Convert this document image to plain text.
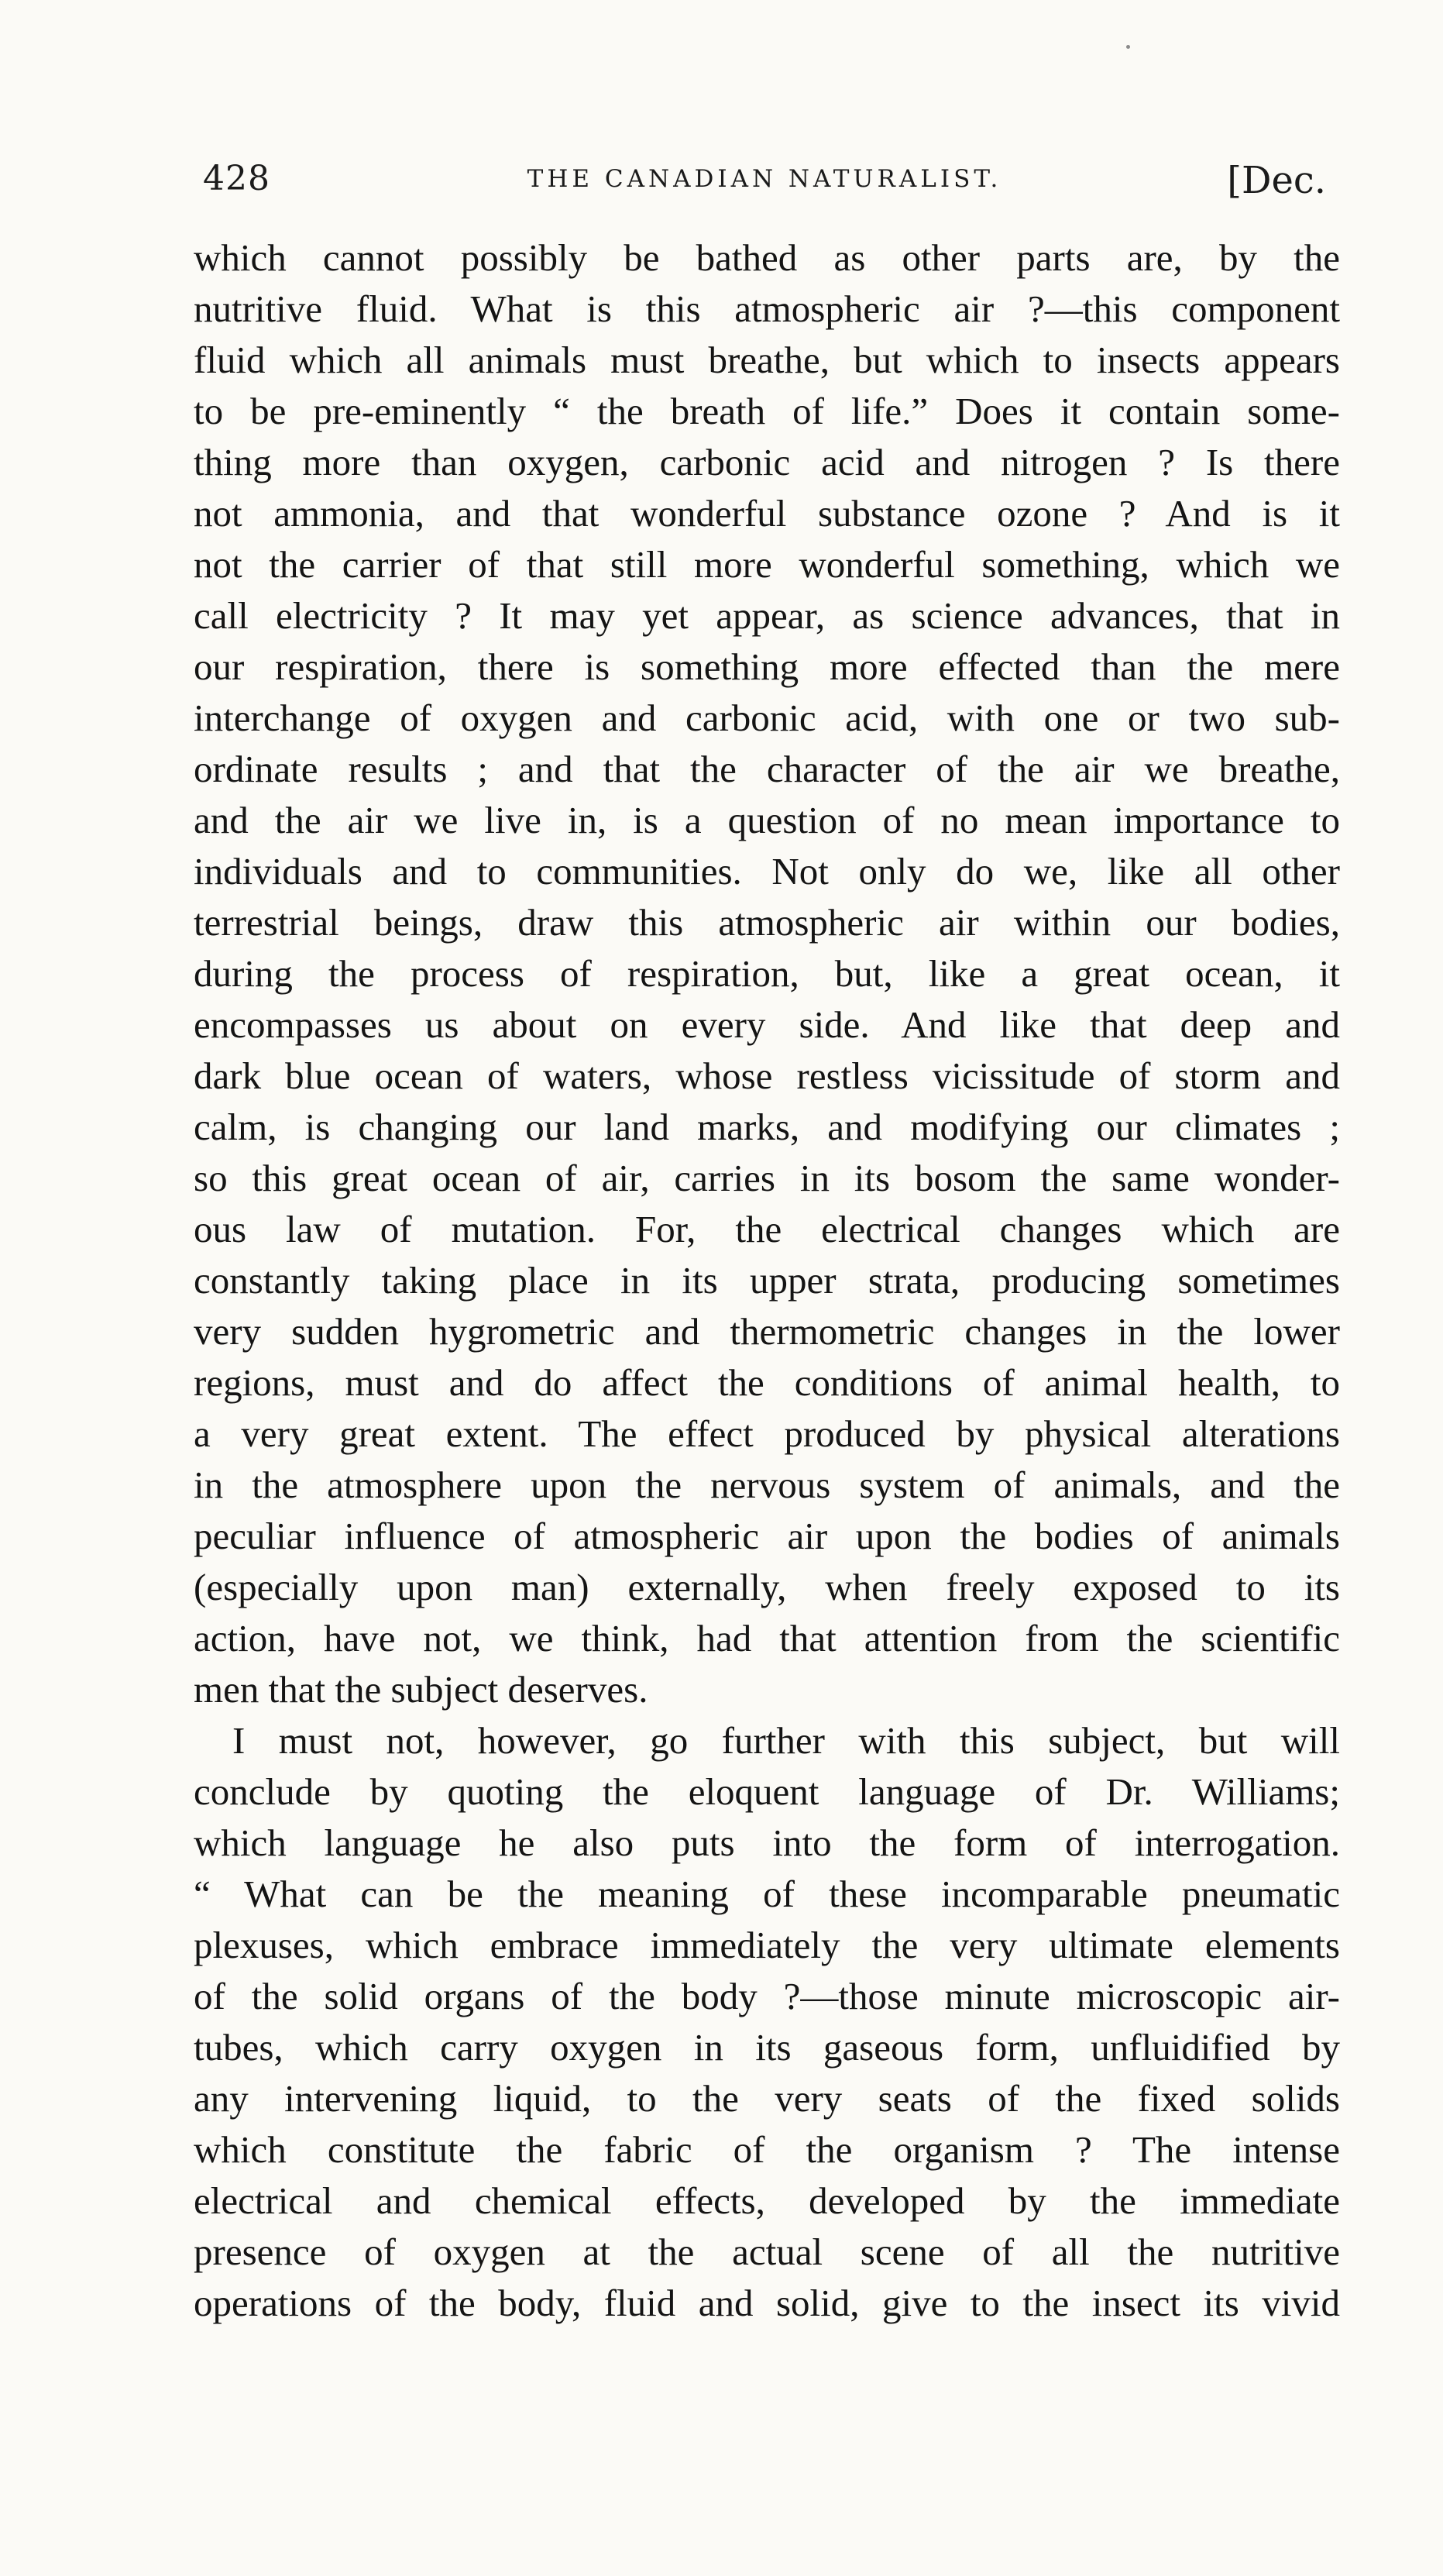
428	THE CANADIAN NATURALIST.	[Dec.

which cannot possibly be bathed as other parts are, by the

nutritive fluid. What is this atmospheric air ?—this component

fluid which all animals must breathe, but which to insects appears

to be pre-eminently “ the breath of life.” Does it contain some-

thing more than oxygen, carbonic acid and nitrogen ? Is there

not ammonia, and that wonderful substance ozone ? And is it

not the carrier of that still more wonderful something, which we

call electricity ? It may yet appear, as science advances, that in

our respiration, there is something more effected than the mere

interchange of oxygen and carbonic acid, with one or two sub-

ordinate results ; and that the character of the air we breathe,

and the air we live in, is a question of no mean importance to

individuals and to communities. Not only do we, like all other

terrestrial beings, draw this atmospheric air within our bodies,

during the process of respiration, but, like a great ocean, it

encompasses us about on every side. And like that deep and

dark blue ocean of waters, whose restless vicissitude of storm and

calm, is changing our land marks, and modifying our climates ;

so this great ocean of air, carries in its bosom the same wonder-

ous law of mutation. For, the electrical changes which are

constantly taking place in its upper strata, producing sometimes

very sudden hygrometric and thermometric changes in the lower

regions, must and do affect the conditions of animal health, to

a very great extent. The effect produced by physical alterations

in the atmosphere upon the nervous system of animals, and the

peculiar influence of atmospheric air upon the bodies of animals

(especially upon man) externally, when freely exposed to its

action, have not, we think, had that attention from the scientific

men that the subject deserves.

I must not, however, go further with this subject, but will

conclude by quoting the eloquent language of Dr. Williams;

which language he also puts into the form of interrogation.

“ What can be the meaning of these incomparable pneumatic

plexuses, which embrace immediately the very ultimate elements

of the solid organs of the body ?—those minute microscopic air-

tubes, which carry oxygen in its gaseous form, unfluidified by

any intervening liquid, to the very seats of the fixed solids

which constitute the fabric of the organism ? The intense

electrical and chemical effects, developed by the immediate

presence of oxygen at the actual scene of all the nutritive

operations of the body, fluid and solid, give to the insect its vivid
